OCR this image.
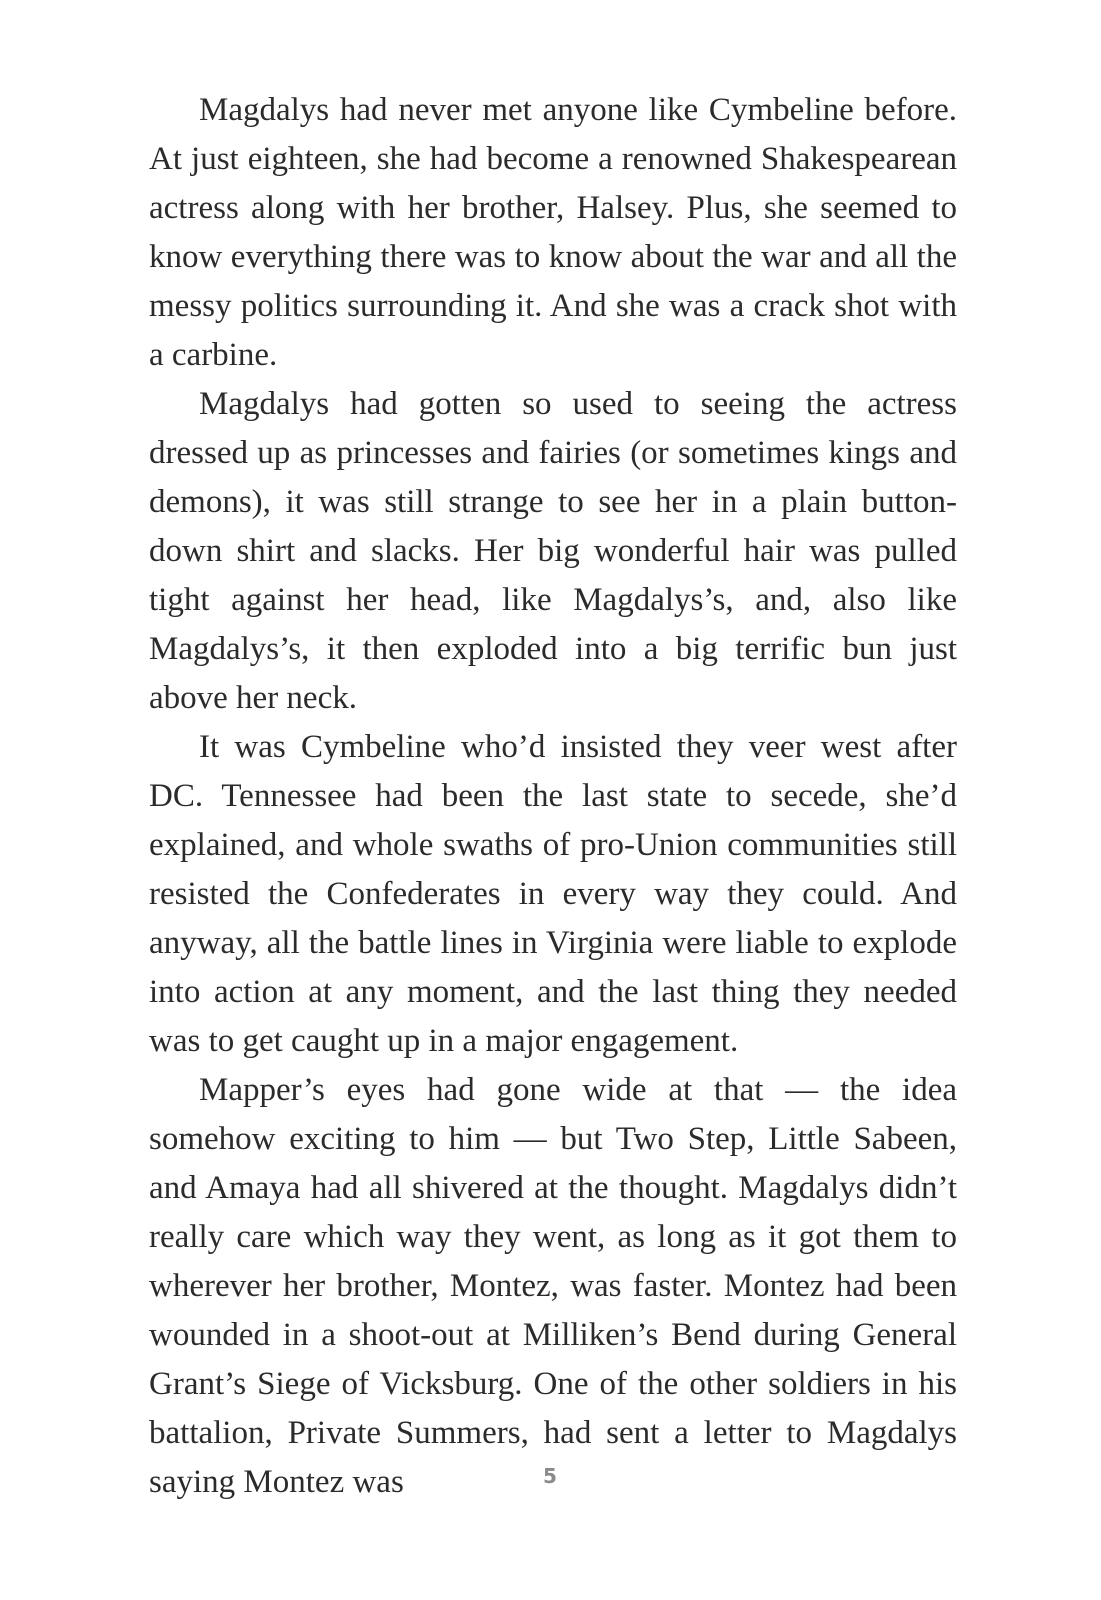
Magdalys had never met anyone like Cymbeline before. At just eighteen, she had become a renowned Shakespearean actress along with her brother, Halsey. Plus, she seemed to know everything there was to know about the war and all the messy politics surrounding it. And she was a crack shot with a carbine.

Magdalys had gotten so used to seeing the actress dressed up as princesses and fairies (or sometimes kings and demons), it was still strange to see her in a plain button-down shirt and slacks. Her big wonderful hair was pulled tight against her head, like Magdalys’s, and, also like Magdalys’s, it then exploded into a big terrific bun just above her neck.

It was Cymbeline who’d insisted they veer west after DC. Tennessee had been the last state to secede, she’d explained, and whole swaths of pro-Union communities still resisted the Confederates in every way they could. And anyway, all the battle lines in Virginia were liable to explode into action at any moment, and the last thing they needed was to get caught up in a major engagement.

Mapper’s eyes had gone wide at that — the idea somehow exciting to him — but Two Step, Little Sabeen, and Amaya had all shivered at the thought. Magdalys didn’t really care which way they went, as long as it got them to wherever her brother, Montez, was faster. Montez had been wounded in a shoot-out at Milliken’s Bend during General Grant’s Siege of Vicksburg. One of the other soldiers in his battalion, Private Summers, had sent a letter to Magdalys saying Montez was	5
